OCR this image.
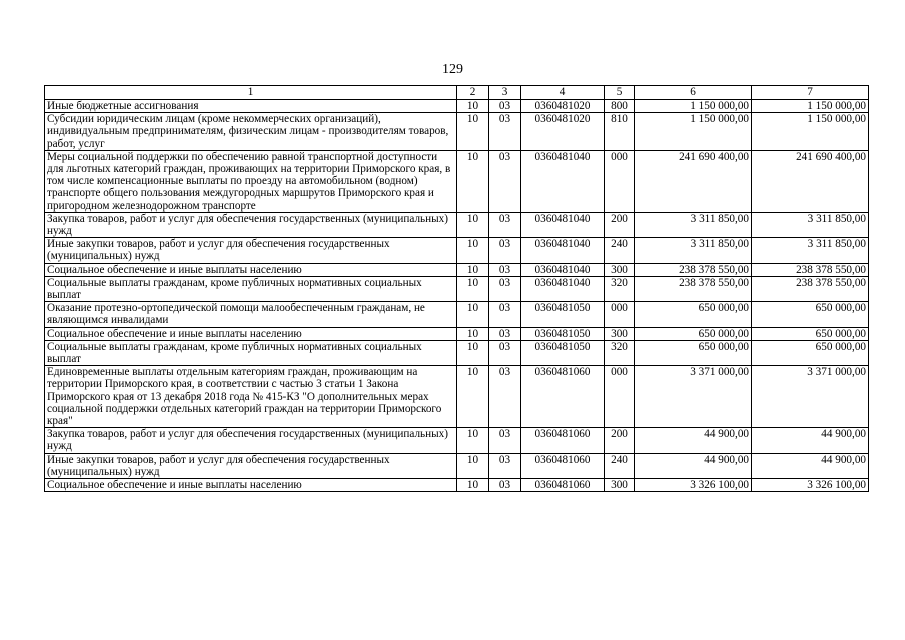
129
1	2	3	4	5	6	7
Иные бюджетные ассигнования	10	03	0360481020	800	1 150 000,00	1 150 000,00
Субсидии юридическим лицам (кроме некоммерческих организаций), индивидуальным предпринимателям, физическим лицам - производителям товаров, работ, услуг	10	03	0360481020	810	1 150 000,00	1 150 000,00
Меры социальной поддержки по обеспечению равной транспортной доступности для льготных категорий граждан, проживающих на территории Приморского края, в том числе компенсационные выплаты по проезду на автомобильном (водном) транспорте общего пользования междугородных маршрутов Приморского края и пригородном железнодорожном транспорте	10	03	0360481040	000	241 690 400,00	241 690 400,00
Закупка товаров, работ и услуг для обеспечения государственных (муниципальных) нужд	10	03	0360481040	200	3 311 850,00	3 311 850,00
Иные закупки товаров, работ и услуг для обеспечения государственных (муниципальных) нужд	10	03	0360481040	240	3 311 850,00	3 311 850,00
Социальное обеспечение и иные выплаты населению	10	03	0360481040	300	238 378 550,00	238 378 550,00
Социальные выплаты гражданам, кроме публичных нормативных социальных выплат	10	03	0360481040	320	238 378 550,00	238 378 550,00
Оказание протезно-ортопедической помощи малообеспеченным гражданам, не являющимся инвалидами	10	03	0360481050	000	650 000,00	650 000,00
Социальное обеспечение и иные выплаты населению	10	03	0360481050	300	650 000,00	650 000,00
Социальные выплаты гражданам, кроме публичных нормативных социальных выплат	10	03	0360481050	320	650 000,00	650 000,00
Единовременные выплаты отдельным категориям граждан, проживающим на территории Приморского края, в соответствии с частью 3 статьи 1 Закона Приморского края от 13 декабря 2018 года № 415-КЗ "О дополнительных мерах социальной поддержки отдельных категорий граждан на территории Приморского края"	10	03	0360481060	000	3 371 000,00	3 371 000,00
Закупка товаров, работ и услуг для обеспечения государственных (муниципальных) нужд	10	03	0360481060	200	44 900,00	44 900,00
Иные закупки товаров, работ и услуг для обеспечения государственных (муниципальных) нужд	10	03	0360481060	240	44 900,00	44 900,00
Социальное обеспечение и иные выплаты населению	10	03	0360481060	300	3 326 100,00	3 326 100,00
